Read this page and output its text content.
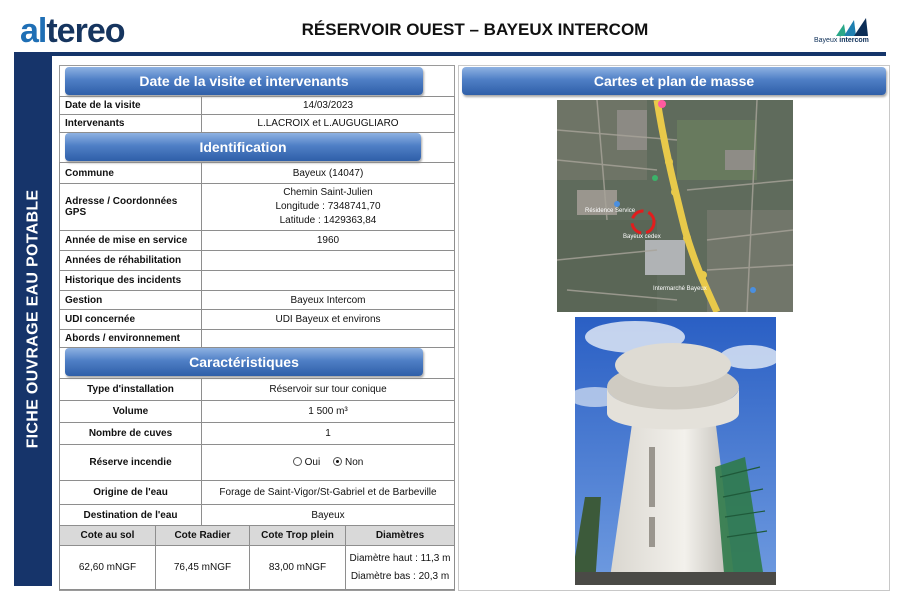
altereo	RÉSERVOIR OUEST – BAYEUX INTERCOM
Bayeux intercom
FICHE OUVRAGE EAU POTABLE
Date de la visite et intervenants
Date de la visite	14/03/2023
Intervenants	L.LACROIX et L.AUGUGLIARO
Identification
Commune	Bayeux (14047)
Adresse / Coordonnées GPS	Chemin Saint-Julien
Longitude : 7348741,70
Latitude : 1429363,84

Année de mise en service	1960
Années de réhabilitation	
Historique des incidents	
Gestion	Bayeux Intercom
UDI concernée	UDI Bayeux et environs
Abords / environnement	
Caractéristiques
Type d'installation	Réservoir sur tour conique
Volume	1 500 m³
Nombre de cuves	1
Réserve incendie	Oui Non
Origine de l'eau	Forage de Saint-Vigor/St-Gabriel et de Barbeville
Destination de l'eau	Bayeux
Cote au sol	Cote Radier	Cote Trop plein	Diamètres
62,60 mNGF	76,45 mNGF	83,00 mNGF	Diamètre haut : 11,3 m
Diamètre bas : 20,3 m
Cartes et plan de masse
Résidence Service
Bayeux cedex
Intermarché Bayeux
